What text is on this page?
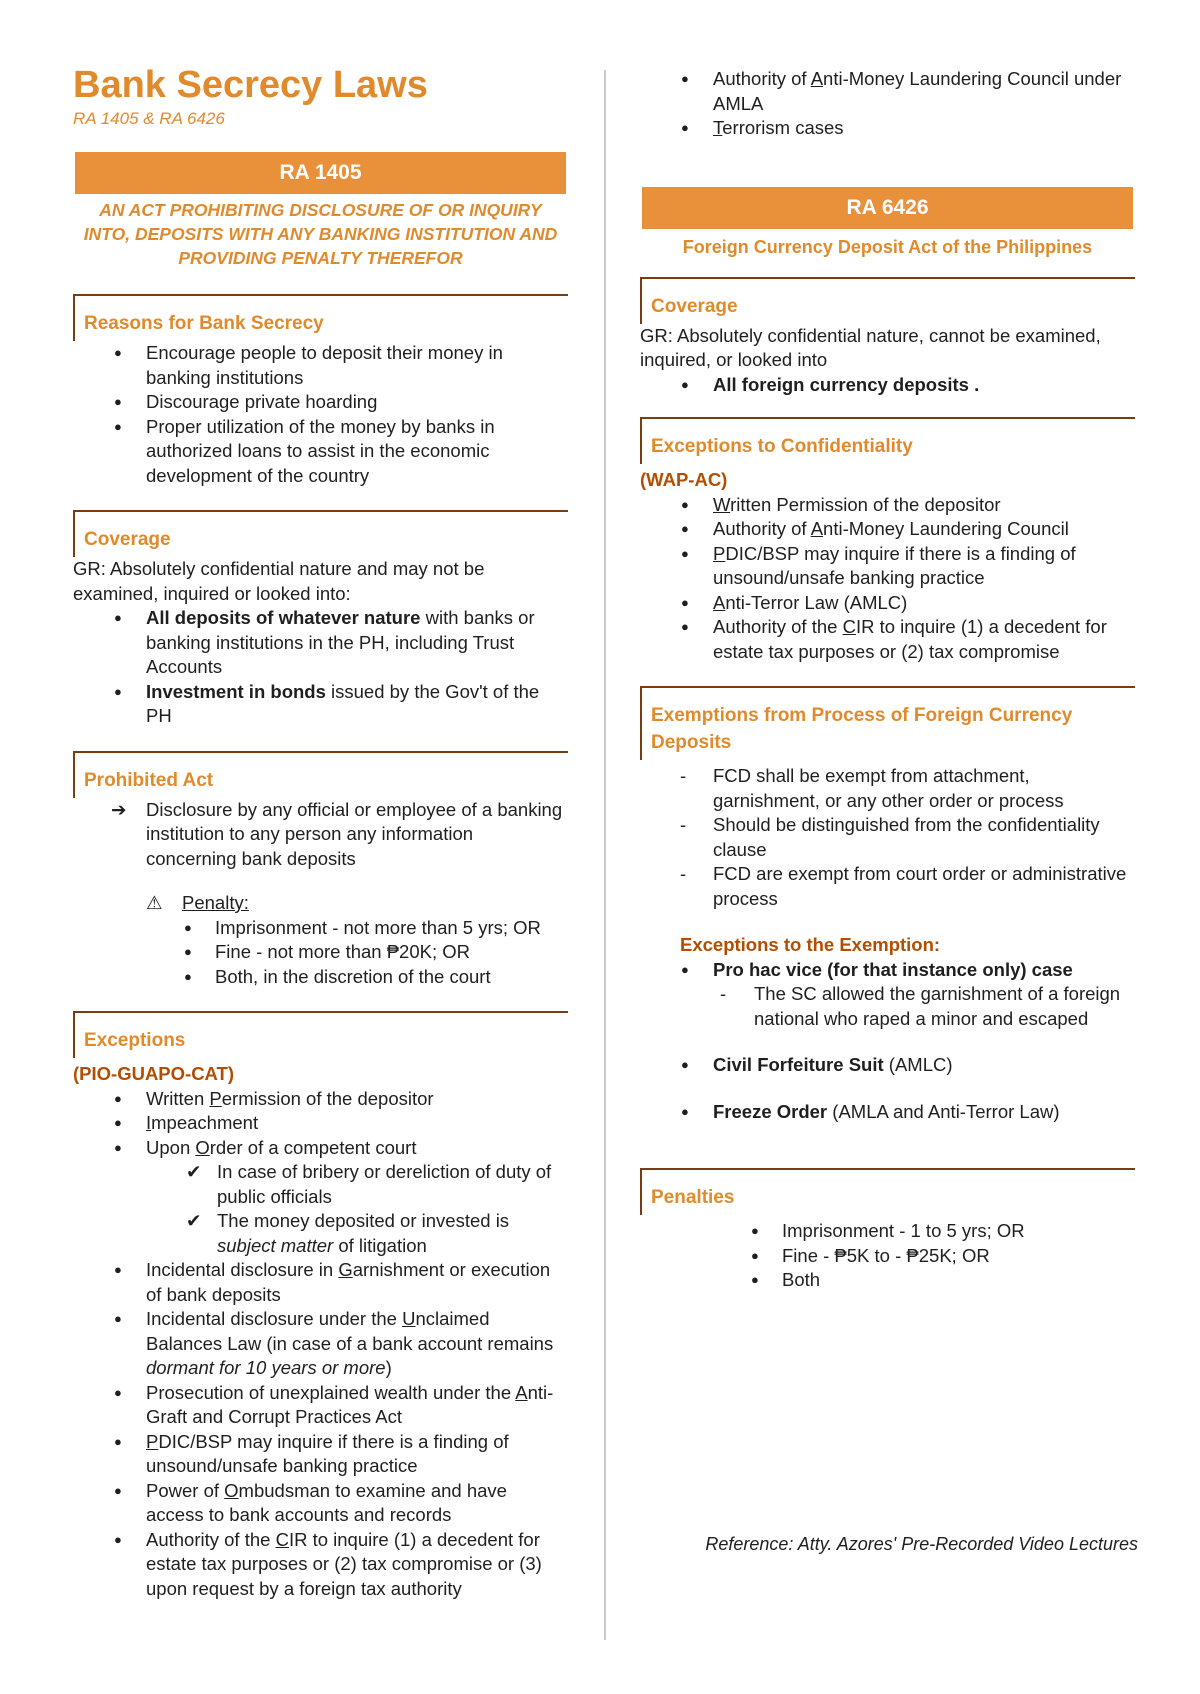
Bank Secrecy Laws

RA 1405 & RA 6426

RA 1405
AN ACT PROHIBITING DISCLOSURE OF OR INQUIRY INTO, DEPOSITS WITH ANY BANKING INSTITUTION AND PROVIDING PENALTY THEREFOR
Reasons for Bank Secrecy
● Encourage people to deposit their money in banking institutions
● Discourage private hoarding
● Proper utilization of the money by banks in authorized loans to assist in the economic development of the country
Coverage

GR: Absolutely confidential nature and may not be examined, inquired or looked into:

● All deposits of whatever nature with banks or banking institutions in the PH, including Trust Accounts
● Investment in bonds issued by the Gov't of the PH
Prohibited Act
➔ Disclosure by any official or employee of a banking institution to any person any information concerning bank deposits
⚠ Penalty:
● Imprisonment - not more than 5 yrs; OR
● Fine - not more than ₱20K; OR
● Both, in the discretion of the court
Exceptions

(PIO-GUAPO-CAT)

● Written Permission of the depositor
● Impeachment
● Upon Order of a competent court
✔ In case of bribery or dereliction of duty of public officials
✔ The money deposited or invested is subject matter of litigation
● Incidental disclosure in Garnishment or execution of bank deposits
● Incidental disclosure under the Unclaimed Balances Law (in case of a bank account remains dormant for 10 years or more)
● Prosecution of unexplained wealth under the Anti-Graft and Corrupt Practices Act
● PDIC/BSP may inquire if there is a finding of unsound/unsafe banking practice
● Power of Ombudsman to examine and have access to bank accounts and records
● Authority of the CIR to inquire (1) a decedent for estate tax purposes or (2) tax compromise or (3) upon request by a foreign tax authority
● Authority of Anti-Money Laundering Council under AMLA
● Terrorism cases
RA 6426
Foreign Currency Deposit Act of the Philippines
Coverage

GR: Absolutely confidential nature, cannot be examined, inquired, or looked into

● All foreign currency deposits .
Exceptions to Confidentiality

(WAP-AC)

● Written Permission of the depositor
● Authority of Anti-Money Laundering Council
● PDIC/BSP may inquire if there is a finding of unsound/unsafe banking practice
● Anti-Terror Law (AMLC)
● Authority of the CIR to inquire (1) a decedent for estate tax purposes or (2) tax compromise
Exemptions from Process of Foreign Currency Deposits
- FCD shall be exempt from attachment, garnishment, or any other order or process
- Should be distinguished from the confidentiality clause
- FCD are exempt from court order or administrative process

Exceptions to the Exemption:

● Pro hac vice (for that instance only) case
- The SC allowed the garnishment of a foreign national who raped a minor and escaped
● Civil Forfeiture Suit (AMLC)
● Freeze Order (AMLA and Anti-Terror Law)
Penalties
● Imprisonment - 1 to 5 yrs; OR
● Fine - ₱5K to - ₱25K; OR
● Both
Reference: Atty. Azores' Pre-Recorded Video Lectures
